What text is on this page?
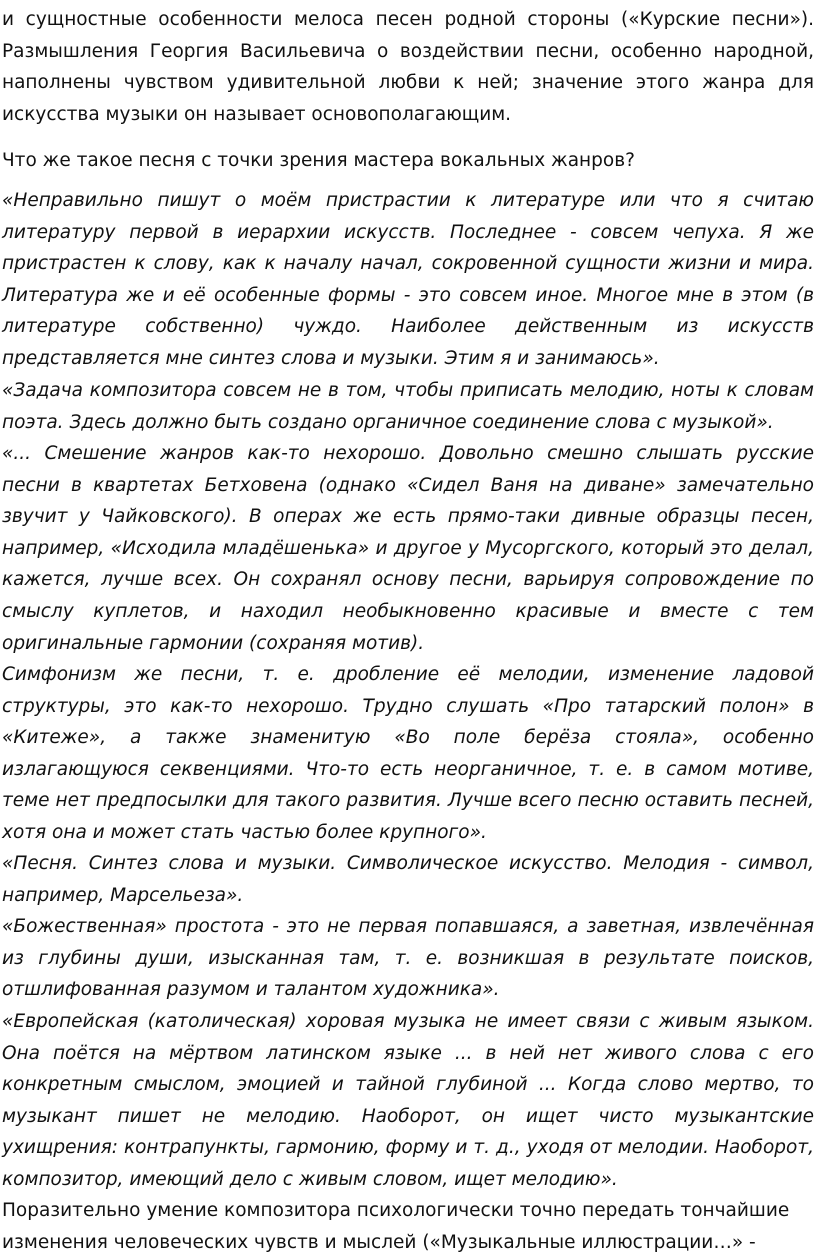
и сущностные особенности мелоса песен родной стороны («Курские песни»). Размышления Георгия Васильевича о воздействии песни, особенно народной, наполнены чувством удивительной любви к ней; значение этого жанра для искусства музыки он называет основополагающим.

Что же такое песня с точки зрения мастера вокальных жанров?

«Неправильно пишут о моём пристрастии к литературе или что я считаю литературу первой в иерархии искусств. Последнее - совсем чепуха. Я же пристрастен к слову, как к началу начал, сокровенной сущности жизни и мира. Литература же и её особенные формы - это совсем иное. Многое мне в этом (в литературе собственно) чуждо. Наиболее действенным из искусств представляется мне синтез слова и музыки. Этим я и занимаюсь».

«Задача композитора совсем не в том, чтобы приписать мелодию, ноты к словам поэта. Здесь должно быть создано органичное соединение слова с музыкой».

«... Смешение жанров как-то нехорошо. Довольно смешно слышать русские песни в квартетах Бетховена (однако «Сидел Ваня на диване» замечательно звучит у Чайковского). В операх же есть прямо-таки дивные образцы песен, например, «Исходила младёшенька» и другое у Мусоргского, который это делал, кажется, лучше всех. Он сохранял основу песни, варьируя сопровождение по смыслу куплетов, и находил необыкновенно красивые и вместе с тем оригинальные гармонии (сохраняя мотив).

Симфонизм же песни, т. е. дробление её мелодии, изменение ладовой структуры, это как-то нехорошо. Трудно слушать «Про татарский полон» в «Китеже», а также знаменитую «Во поле берёза стояла», особенно излагающуюся секвенциями. Что-то есть неорганичное, т. е. в самом мотиве, теме нет предпосылки для такого развития. Лучше всего песню оставить песней, хотя она и может стать частью более крупного».

«Песня. Синтез слова и музыки. Символическое искусство. Мелодия - символ, например, Марсельеза».

«Божественная» простота - это не первая попавшаяся, а заветная, извлечённая из глубины души, изысканная там, т. е. возникшая в результате поисков, отшлифованная разумом и талантом художника».

«Европейская (католическая) хоровая музыка не имеет связи с живым языком. Она поётся на мёртвом латинском языке ... в ней нет живого слова с его конкретным смыслом, эмоцией и тайной глубиной ... Когда слово мертво, то музыкант пишет не мелодию. Наоборот, он ищет чисто музыкантские ухищрения: контрапункты, гармонию, форму и т. д., уходя от мелодии. Наоборот, композитор, имеющий дело с живым словом, ищет мелодию».

Поразительно умение композитора психологически точно передать тончайшие изменения человеческих чувств и мыслей («Музыкальные иллюстрации…» -
